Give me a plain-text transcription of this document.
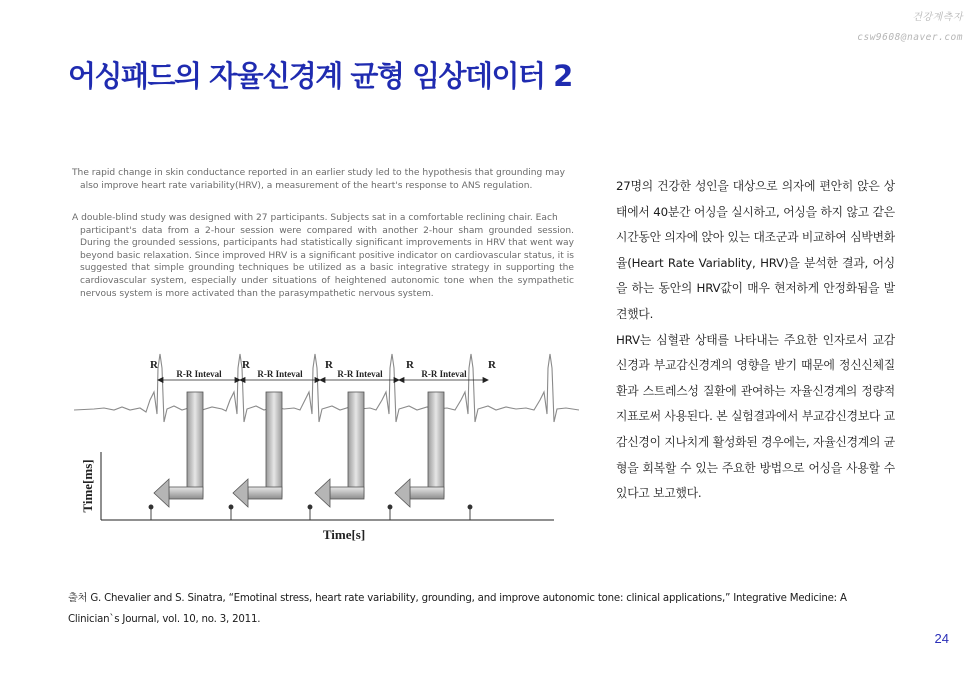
건강계측자
csw9608@naver.com
어싱패드의 자율신경계 균형 임상데이터 2
The rapid change in skin conductance reported in an earlier study led to the hypothesis that grounding may
also improve heart rate variability(HRV), a measurement of the heart's response to ANS regulation.
A double-blind study was designed with 27 participants. Subjects sat in a comfortable reclining chair. Each
participant's data from a 2-hour session were compared with another 2-hour sham grounded session. During the grounded sessions, participants had statistically significant improvements in HRV that went way beyond basic relaxation. Since improved HRV is a significant positive indicator on cardiovascular status, it is suggested that simple grounding techniques be utilized as a basic integrative strategy in supporting the cardiovascular system, especially under situations of heightened autonomic tone when the sympathetic nervous system is more activated than the parasympathetic nervous system.
R	R	R	R	R
R-R Inteval	R-R Inteval	R-R Inteval	R-R Inteval
Time[ms]
Time[s]

27명의 건강한 성인을 대상으로 의자에 편안히 앉은 상태에서 40분간 어싱을 실시하고, 어싱을 하지 않고 같은 시간동안 의자에 앉아 있는 대조군과 비교하여 심박변화율(Heart Rate Variablity, HRV)을 분석한 결과, 어싱을 하는 동안의 HRV값이 매우 현저하게 안정화됨을 발견했다.

HRV는 심혈관 상태를 나타내는 주요한 인자로서 교감신경과 부교감신경계의 영향을 받기 때문에 정신신체질환과 스트레스성 질환에 관여하는 자율신경계의 정량적 지표로써 사용된다. 본 실험결과에서 부교감신경보다 교감신경이 지나치게 활성화된 경우에는, 자율신경계의 균형을 회복할 수 있는 주요한 방법으로 어싱을 사용할 수 있다고 보고했다.

출처 G. Chevalier and S. Sinatra, “Emotinal stress, heart rate variability, grounding, and improve autonomic tone: clinical applications,” Integrative Medicine: A Clinician`s Journal, vol. 10, no. 3, 2011.
24
